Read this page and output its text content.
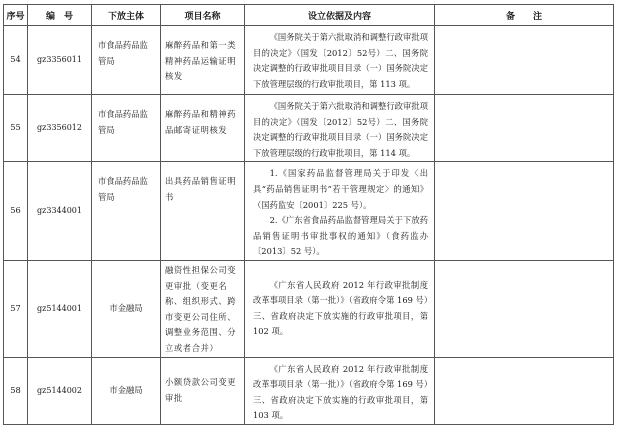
序号	编　号	下放主体	项目名称	设立依据及内容	备　　注
54	gz3356011	市食品药品监管局	麻醉药品和第一类精神药品运输证明核发	《国务院关于第六批取消和调整行政审批项目的决定》（国发〔2012〕52号）二、国务院决定调整的行政审批项目目录（一）国务院决定下放管理层级的行政审批项目，第 113 项。	

55	gz3356012	市食品药品监管局	麻醉药品和精神药品邮寄证明核发	《国务院关于第六批取消和调整行政审批项目的决定》（国发〔2012〕52号）二、国务院决定调整的行政审批项目目录（一）国务院决定下放管理层级的行政审批项目，第 114 项。	

56	gz3344001	市食品药品监管局	出具药品销售证明书	1.《国家药品监督管理局关于印发〈出具“药品销售证明书”若干管理规定〉的通知》（国药监安〔2001〕225 号）。

2.《广东省食品药品监督管理局关于下放药品销售证明书审批事权的通知》（食药监办〔2013〕52 号）。	

57	gz5144001	市金融局	融资性担保公司变更审批（变更名称、组织形式、跨市变更公司住所、调整业务范围、分立或者合并）	《广东省人民政府 2012 年行政审批制度改革事项目录（第一批）》（省政府令第 169 号）三、省政府决定下放实施的行政审批项目，第 102 项。	

58	gz5144002	市金融局	小额贷款公司变更审批	《广东省人民政府 2012 年行政审批制度改革事项目录（第一批）》（省政府令第 169 号）三、省政府决定下放实施的行政审批项目，第 103 项。	
